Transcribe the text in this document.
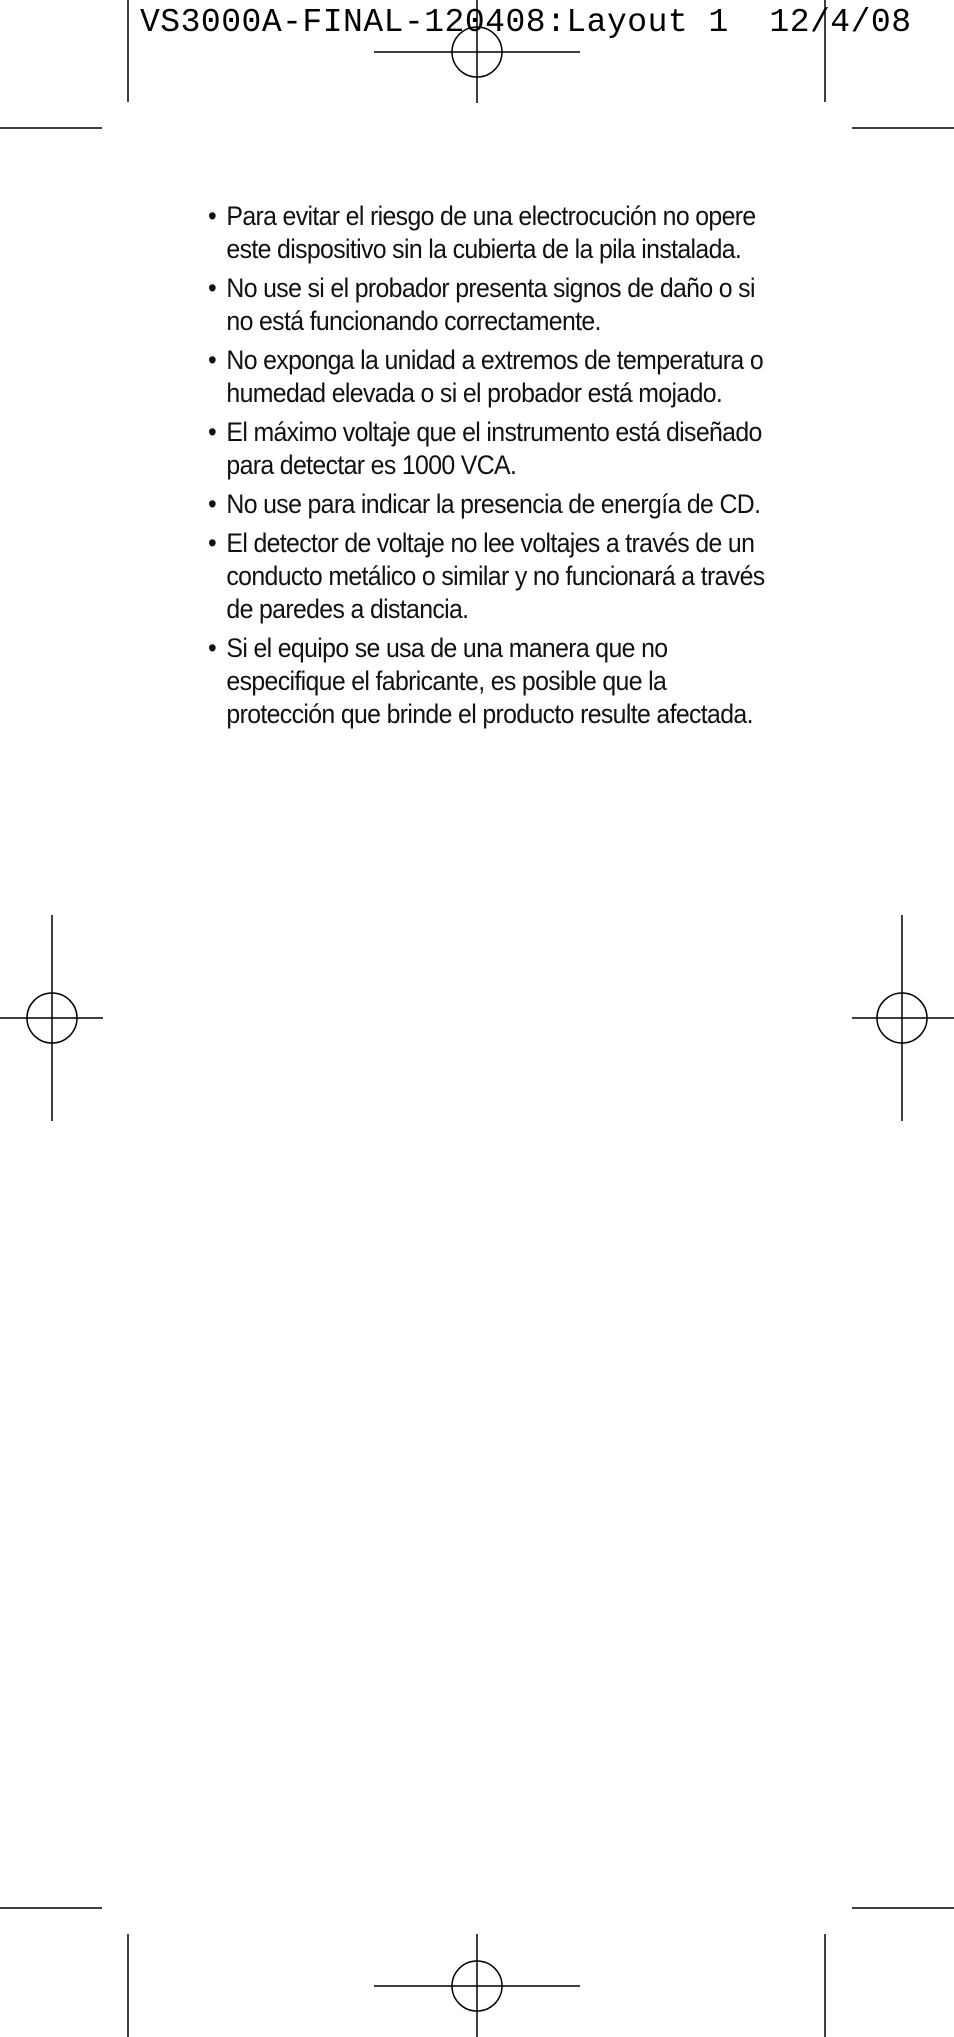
VS3000A-FINAL-120408:Layout 1  12/4/08
• Para evitar el riesgo de una electrocución no opere este dispositivo sin la cubierta de la pila instalada.
• No use si el probador presenta signos de daño o si no está funcionando correctamente.
• No exponga la unidad a extremos de temperatura o humedad elevada o si el probador está mojado.
• El máximo voltaje que el instrumento está diseñado para detectar es 1000 VCA.
• No use para indicar la presencia de energía de CD.
• El detector de voltaje no lee voltajes a través de un conducto metálico o similar y no funcionará a través de paredes a distancia.
• Si el equipo se usa de una manera que no especifique el fabricante, es posible que la protección que brinde el producto resulte afectada.
